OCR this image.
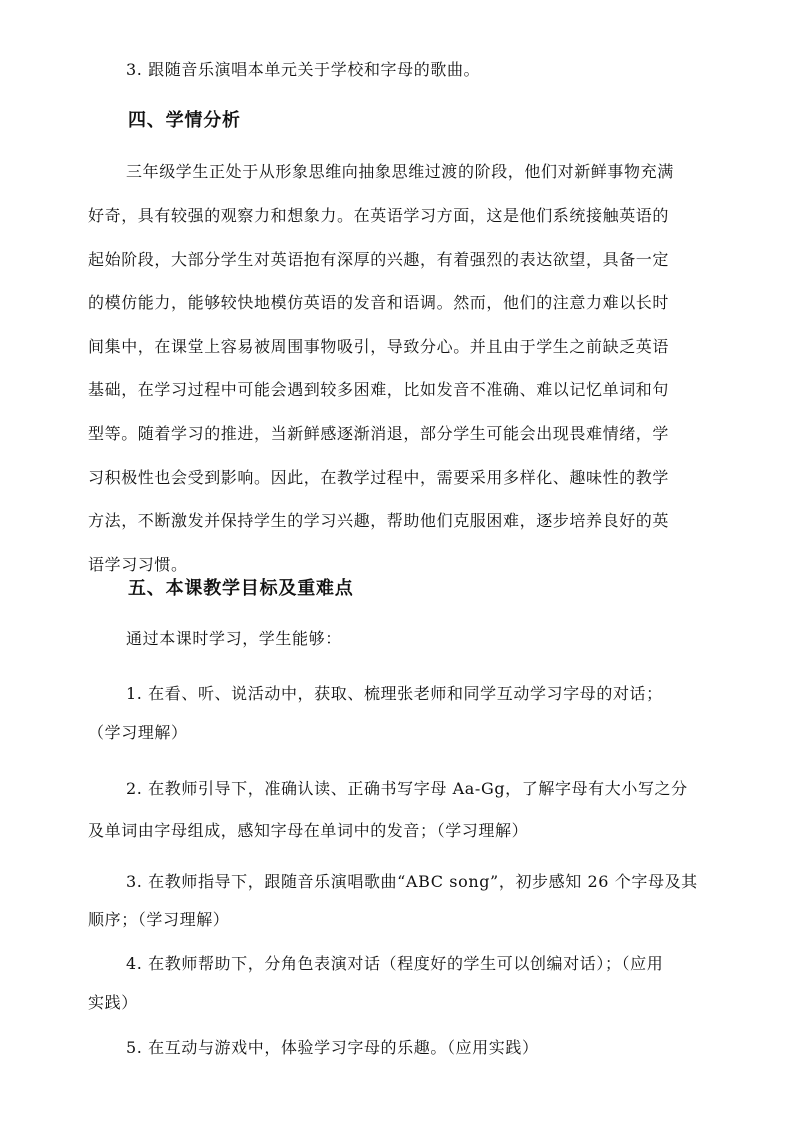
3. 跟随音乐演唱本单元关于学校和字母的歌曲。
四、学情分析
三年级学生正处于从形象思维向抽象思维过渡的阶段，他们对新鲜事物充满
好奇，具有较强的观察力和想象力。在英语学习方面，这是他们系统接触英语的
起始阶段，大部分学生对英语抱有深厚的兴趣，有着强烈的表达欲望，具备一定
的模仿能力，能够较快地模仿英语的发音和语调。然而，他们的注意力难以长时
间集中，在课堂上容易被周围事物吸引，导致分心。并且由于学生之前缺乏英语
基础，在学习过程中可能会遇到较多困难，比如发音不准确、难以记忆单词和句
型等。随着学习的推进，当新鲜感逐渐消退，部分学生可能会出现畏难情绪，学
习积极性也会受到影响。因此，在教学过程中，需要采用多样化、趣味性的教学
方法，不断激发并保持学生的学习兴趣，帮助他们克服困难，逐步培养良好的英
语学习习惯。
五、本课教学目标及重难点
通过本课时学习，学生能够：
1. 在看、听、说活动中，获取、梳理张老师和同学互动学习字母的对话；
（学习理解）
2. 在教师引导下，准确认读、正确书写字母 Aa-Gg，了解字母有大小写之分
及单词由字母组成，感知字母在单词中的发音；（学习理解）
3. 在教师指导下，跟随音乐演唱歌曲“ABC song”，初步感知 26 个字母及其
顺序；（学习理解）
4. 在教师帮助下，分角色表演对话（程度好的学生可以创编对话）；（应用
实践）
5. 在互动与游戏中，体验学习字母的乐趣。（应用实践）
